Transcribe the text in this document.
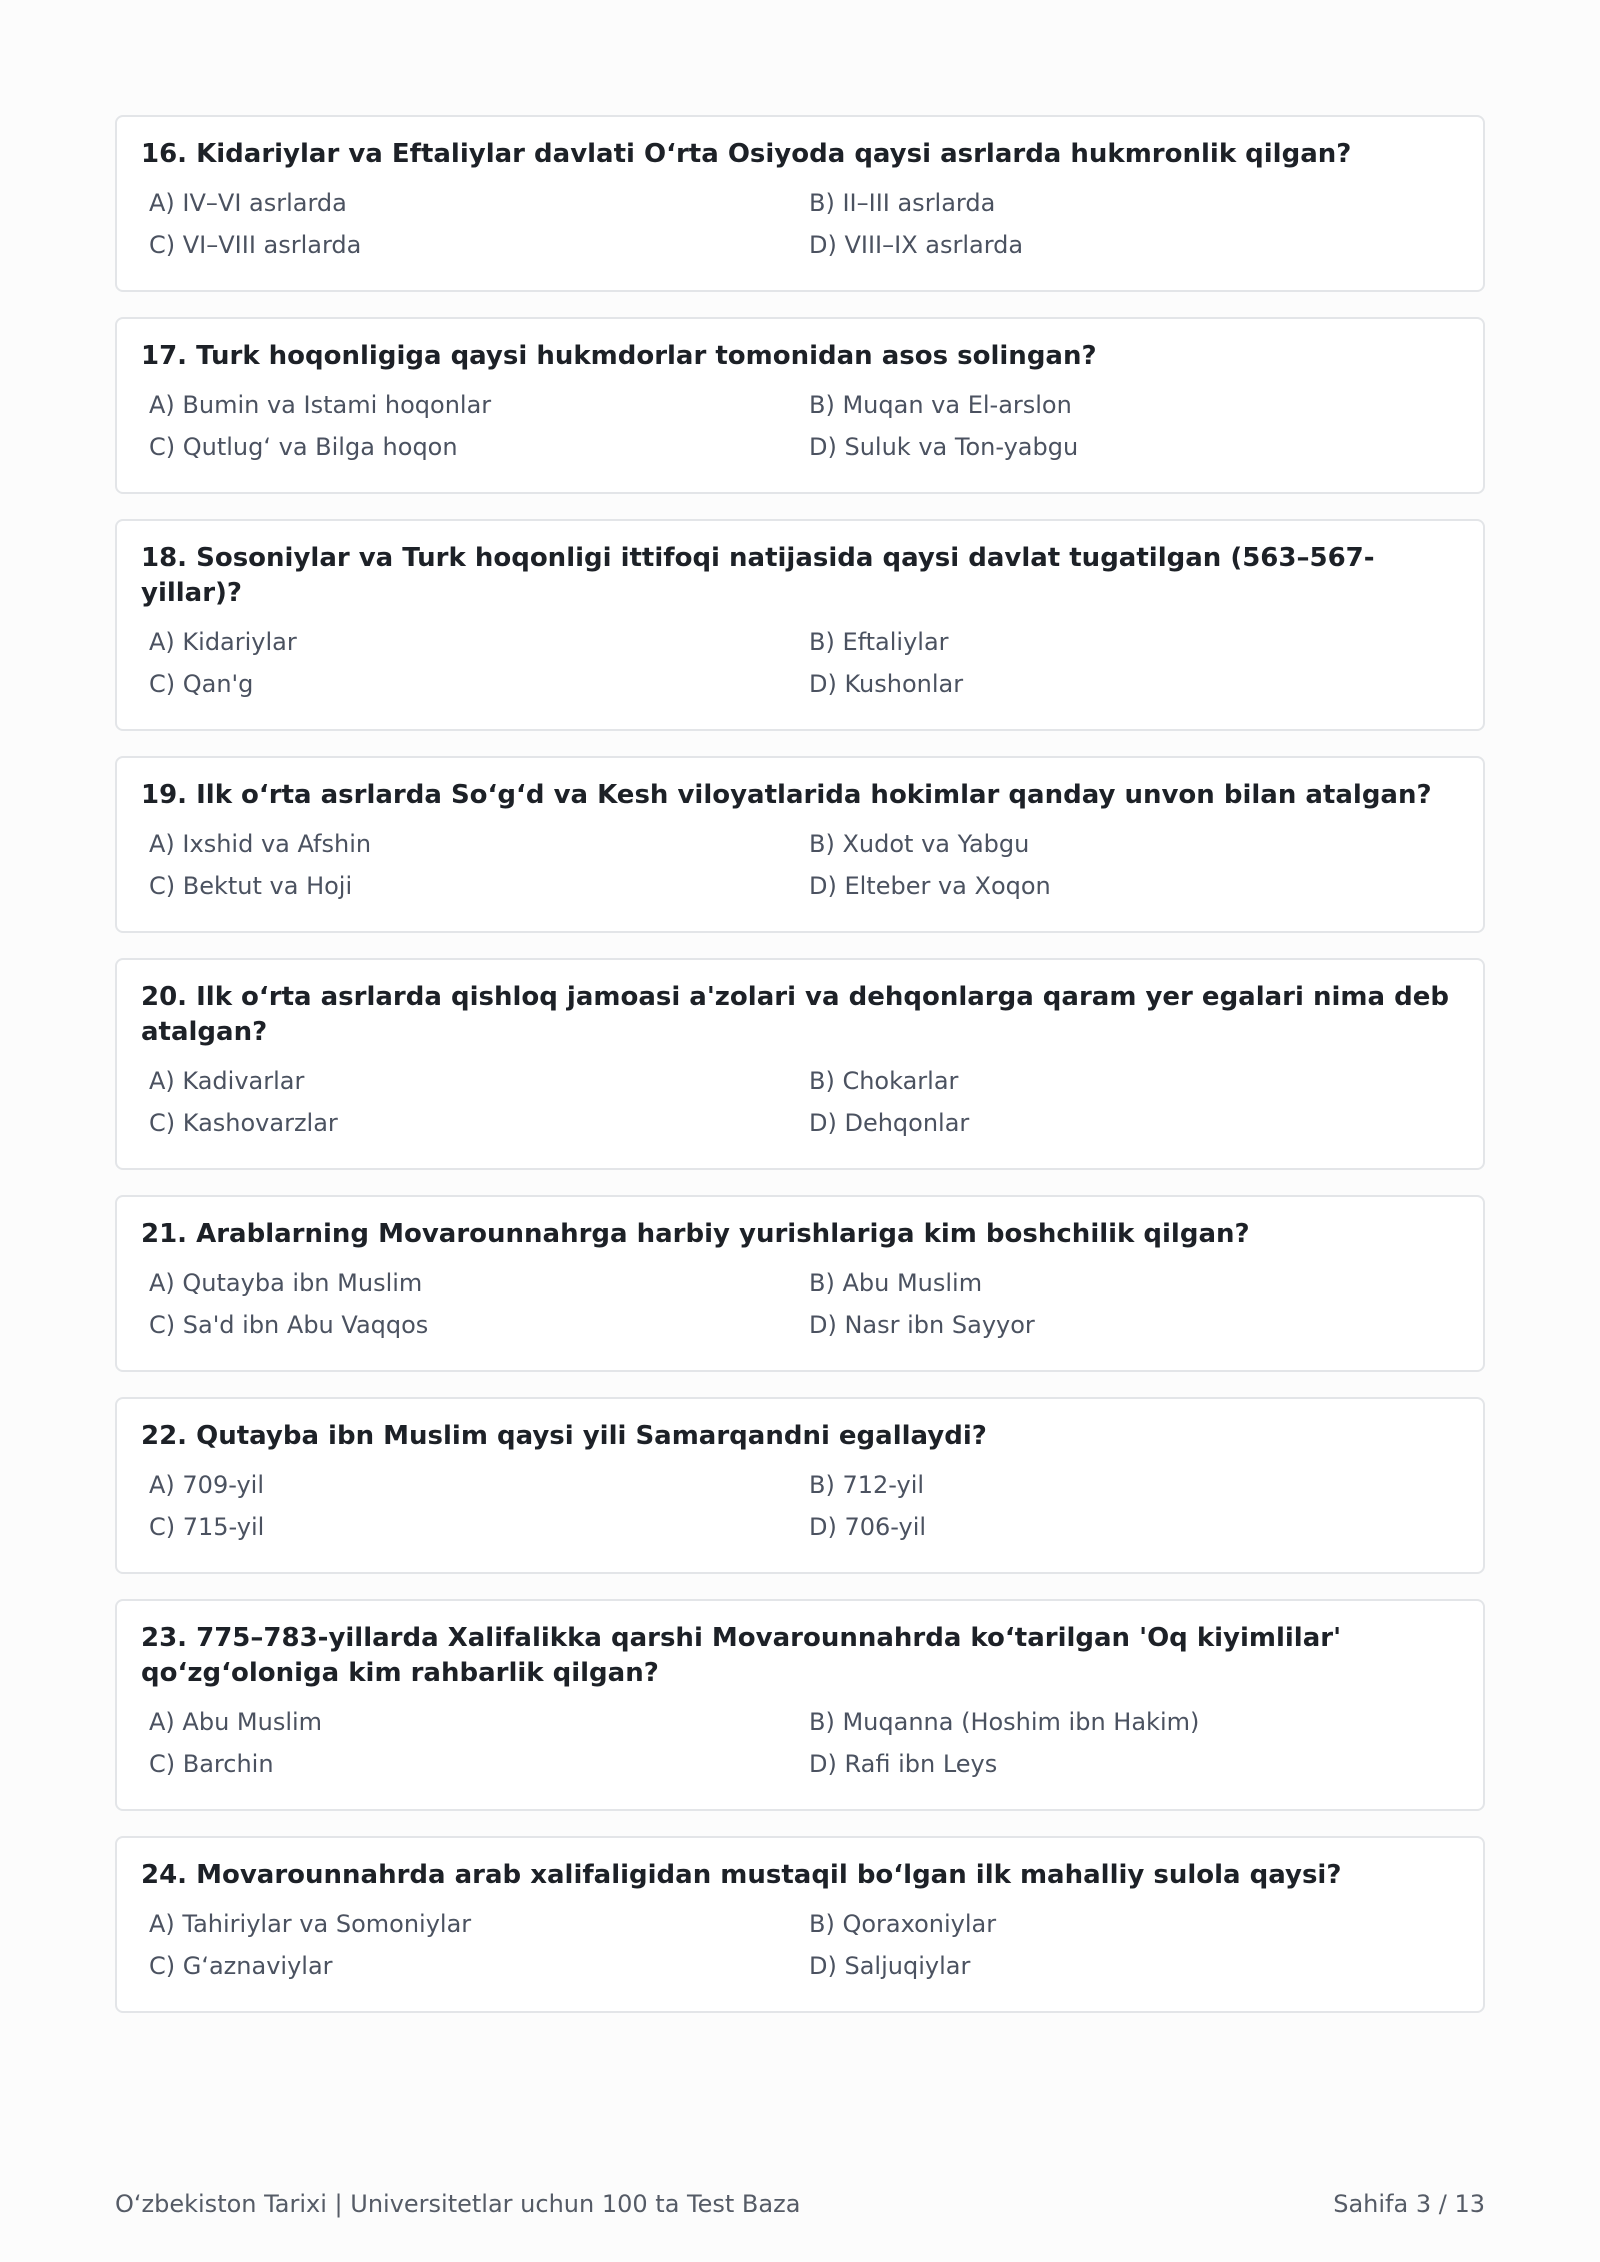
16. Kidariylar va Eftaliylar davlati O‘rta Osiyoda qaysi asrlarda hukmronlik qilgan?
A) IV–VI asrlarda	B) II–III asrlarda
C) VI–VIII asrlarda	D) VIII–IX asrlarda
17. Turk hoqonligiga qaysi hukmdorlar tomonidan asos solingan?
A) Bumin va Istami hoqonlar	B) Muqan va El-arslon
C) Qutlug‘ va Bilga hoqon	D) Suluk va Ton-yabgu
18. Sosoniylar va Turk hoqonligi ittifoqi natijasida qaysi davlat tugatilgan (563–567-yillar)?
A) Kidariylar	B) Eftaliylar
C) Qan'g	D) Kushonlar
19. Ilk o‘rta asrlarda So‘g‘d va Kesh viloyatlarida hokimlar qanday unvon bilan atalgan?
A) Ixshid va Afshin	B) Xudot va Yabgu
C) Bektut va Hoji	D) Elteber va Xoqon
20. Ilk o‘rta asrlarda qishloq jamoasi a'zolari va dehqonlarga qaram yer egalari nima deb atalgan?
A) Kadivarlar	B) Chokarlar
C) Kashovarzlar	D) Dehqonlar
21. Arablarning Movarounnahrga harbiy yurishlariga kim boshchilik qilgan?
A) Qutayba ibn Muslim	B) Abu Muslim
C) Sa'd ibn Abu Vaqqos	D) Nasr ibn Sayyor
22. Qutayba ibn Muslim qaysi yili Samarqandni egallaydi?
A) 709-yil	B) 712-yil
C) 715-yil	D) 706-yil
23. 775–783-yillarda Xalifalikka qarshi Movarounnahrda ko‘tarilgan 'Oq kiyimlilar' qo‘zg‘oloniga kim rahbarlik qilgan?
A) Abu Muslim	B) Muqanna (Hoshim ibn Hakim)
C) Barchin	D) Rafi ibn Leys
24. Movarounnahrda arab xalifaligidan mustaqil bo‘lgan ilk mahalliy sulola qaysi?
A) Tahiriylar va Somoniylar	B) Qoraxoniylar
C) G‘aznaviylar	D) Saljuqiylar
O‘zbekiston Tarixi | Universitetlar uchun 100 ta Test Baza	Sahifa 3 / 13
